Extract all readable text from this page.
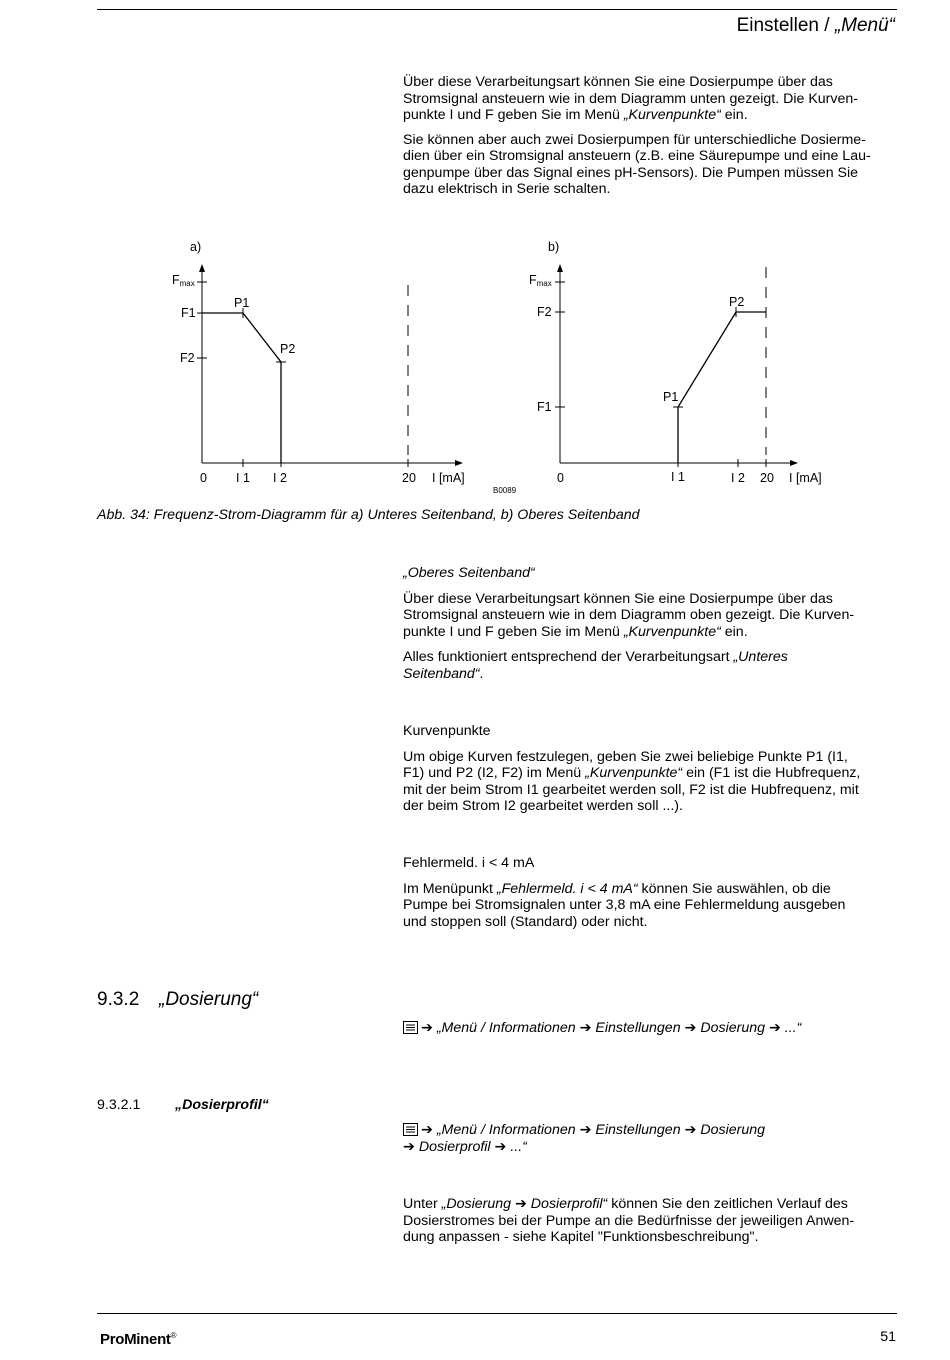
Einstellen / „Menü“

Über diese Verarbeitungsart können Sie eine Dosierpumpe über das
Stromsignal ansteuern wie in dem Diagramm unten gezeigt. Die Kurven-
punkte I und F geben Sie im Menü „Kurvenpunkte“ ein.

Sie können aber auch zwei Dosierpumpen für unterschiedliche Dosierme-
dien über ein Stromsignal ansteuern (z.B. eine Säurepumpe und eine Lau-
genpumpe über das Signal eines pH-Sensors). Die Pumpen müssen Sie
dazu elektrisch in Serie schalten.

a)
Fmax
F1
F2
P1
P2
0 I 1 I 2	20 I [mA]
B0089
b)
Fmax
F2
F1
P1
P2
0	I 1	I 2 20 I [mA]
Abb. 34: Frequenz-Strom-Diagramm für a) Unteres Seitenband, b) Oberes Seitenband

„Oberes Seitenband“

Über diese Verarbeitungsart können Sie eine Dosierpumpe über das
Stromsignal ansteuern wie in dem Diagramm oben gezeigt. Die Kurven-
punkte I und F geben Sie im Menü „Kurvenpunkte“ ein.

Alles funktioniert entsprechend der Verarbeitungsart „Unteres
Seitenband“.

Kurvenpunkte

Um obige Kurven festzulegen, geben Sie zwei beliebige Punkte P1 (I1,
F1) und P2 (I2, F2) im Menü „Kurvenpunkte“ ein (F1 ist die Hubfrequenz,
mit der beim Strom I1 gearbeitet werden soll, F2 ist die Hubfrequenz, mit
der beim Strom I2 gearbeitet werden soll ...).

Fehlermeld. i < 4 mA

Im Menüpunkt „Fehlermeld. i < 4 mA“ können Sie auswählen, ob die
Pumpe bei Stromsignalen unter 3,8 mA eine Fehlermeldung ausgeben
und stoppen soll (Standard) oder nicht.

9.3.2 „Dosierung“
➔ „Menü / Informationen ➔ Einstellungen ➔ Dosierung ➔ ...“
9.3.2.1 „Dosierprofil“
➔ „Menü / Informationen ➔ Einstellungen ➔ Dosierung
➔ Dosierprofil ➔ ...“

Unter „Dosierung ➔ Dosierprofil“ können Sie den zeitlichen Verlauf des
Dosierstromes bei der Pumpe an die Bedürfnisse der jeweiligen Anwen-
dung anpassen - siehe Kapitel "Funktionsbeschreibung".

ProMinent®	51
